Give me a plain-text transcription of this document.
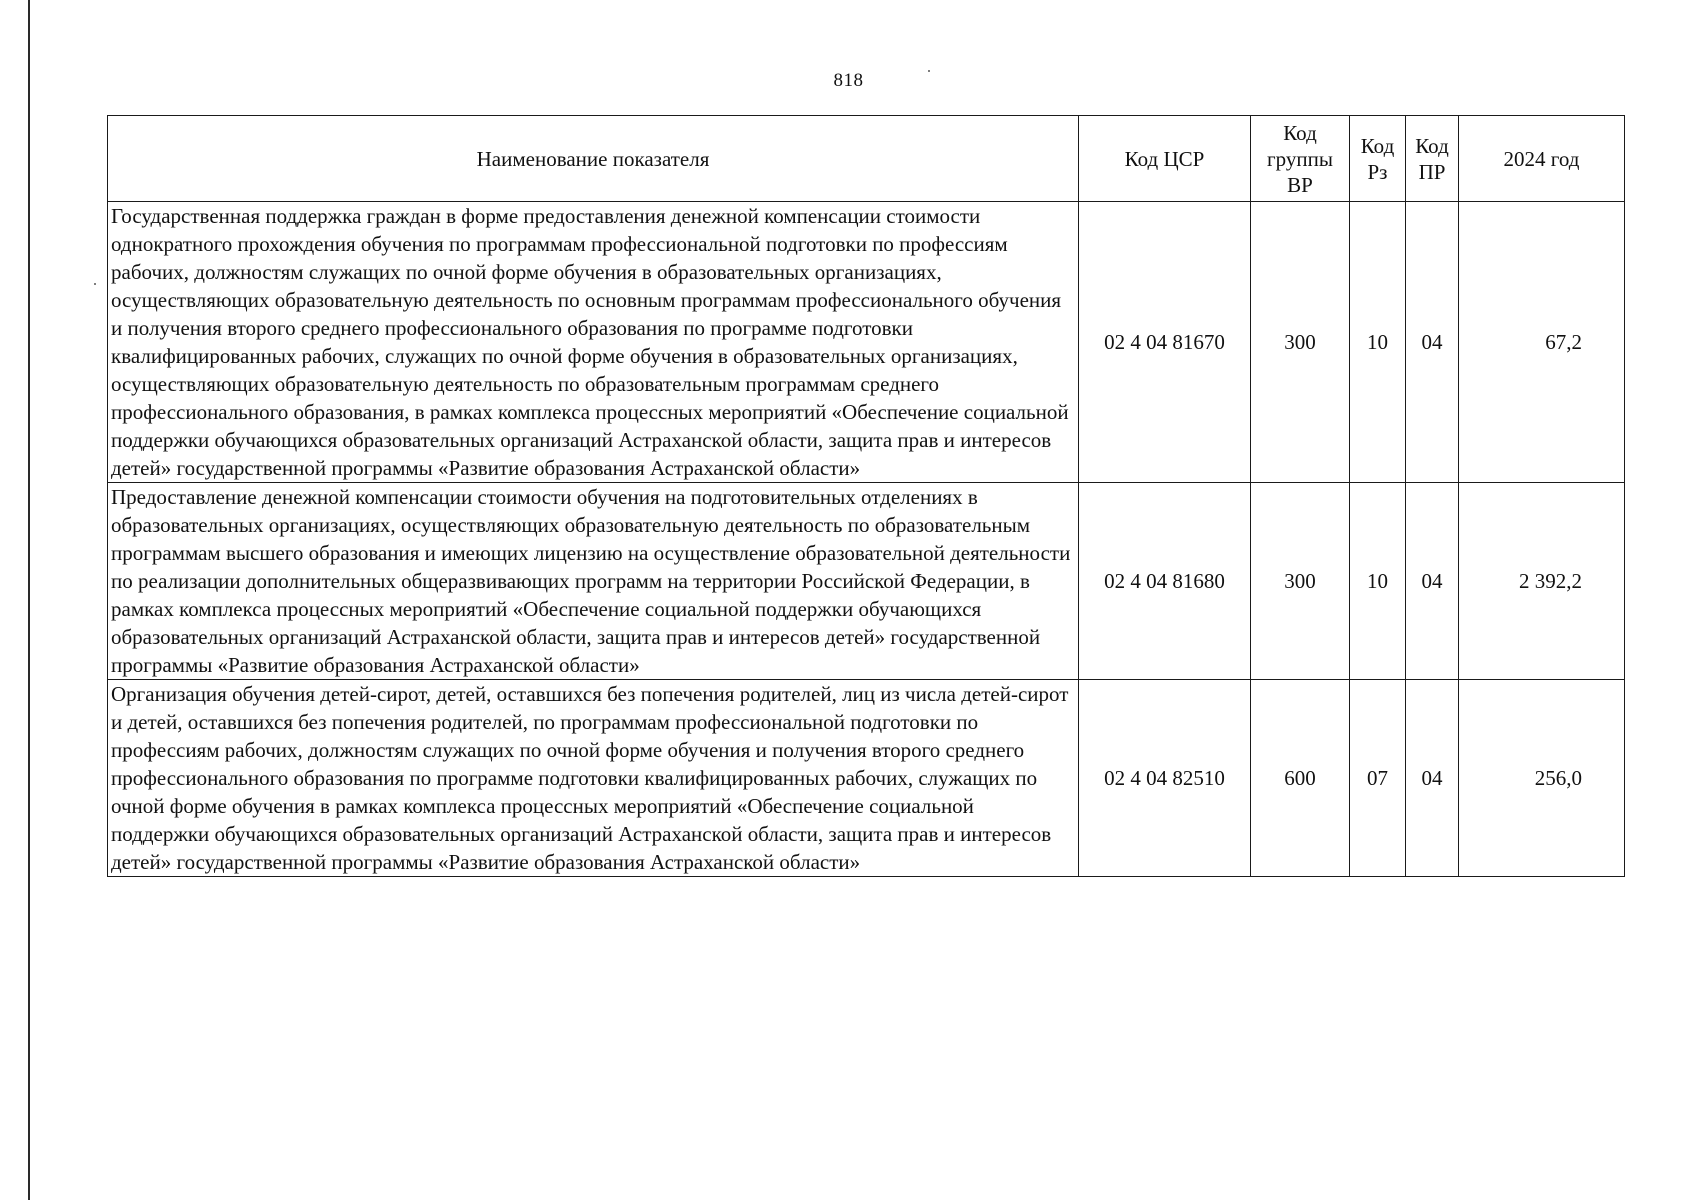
818
Наименование показателя	Код ЦСР	Код группы ВР	Код Рз	Код ПР	2024 год
Государственная поддержка граждан в форме предоставления денежной компенсации стоимости однократного прохождения обучения по программам профессиональной подготовки по профессиям рабочих, должностям служащих по очной форме обучения в образовательных организациях, осуществляющих образовательную деятельность по основным программам профессионального обучения и получения второго среднего профессионального образования по программе подготовки квалифицированных рабочих, служащих по очной форме обучения в образовательных организациях, осуществляющих образовательную деятельность по образовательным программам среднего профессионального образования, в рамках комплекса процессных мероприятий «Обеспечение социальной поддержки обучающихся образовательных организаций Астраханской области, защита прав и интересов детей» государственной программы «Развитие образования Астраханской области»	02 4 04 81670	300	10	04	67,2
Предоставление денежной компенсации стоимости обучения на подготовительных отделениях в образовательных организациях, осуществляющих образовательную деятельность по образовательным программам высшего образования и имеющих лицензию на осуществление образовательной деятельности по реализации дополнительных общеразвивающих программ на территории Российской Федерации, в рамках комплекса процессных мероприятий «Обеспечение социальной поддержки обучающихся образовательных организаций Астраханской области, защита прав и интересов детей» государственной программы «Развитие образования Астраханской области»	02 4 04 81680	300	10	04	2 392,2
Организация обучения детей-сирот, детей, оставшихся без попечения родителей, лиц из числа детей-сирот и детей, оставшихся без попечения родителей, по программам профессиональной подготовки по профессиям рабочих, должностям служащих по очной форме обучения и получения второго среднего профессионального образования по программе подготовки квалифицированных рабочих, служащих по очной форме обучения в рамках комплекса процессных мероприятий «Обеспечение социальной поддержки обучающихся образовательных организаций Астраханской области, защита прав и интересов детей» государственной программы «Развитие образования Астраханской области»	02 4 04 82510	600	07	04	256,0
